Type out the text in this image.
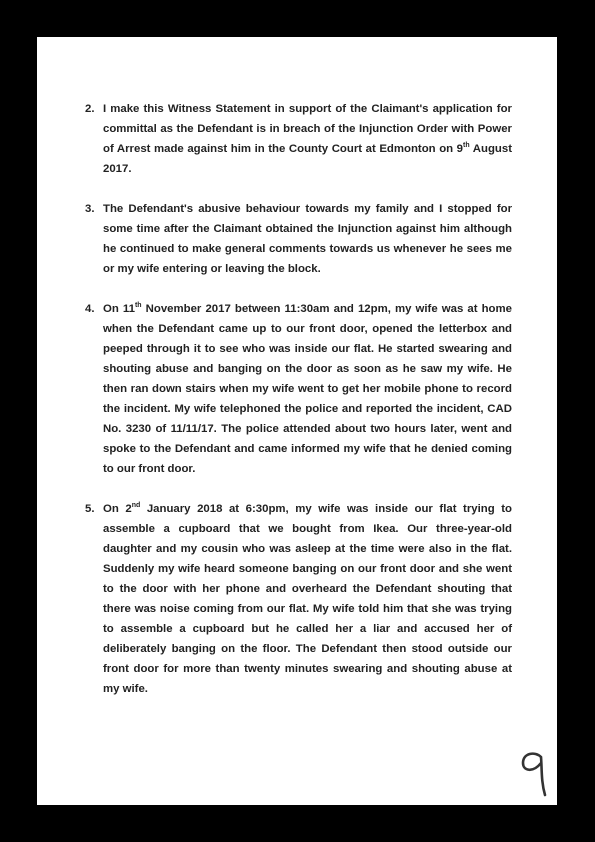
2. I make this Witness Statement in support of the Claimant's application for committal as the Defendant is in breach of the Injunction Order with Power of Arrest made against him in the County Court at Edmonton on 9th August 2017.
3. The Defendant's abusive behaviour towards my family and I stopped for some time after the Claimant obtained the Injunction against him although he continued to make general comments towards us whenever he sees me or my wife entering or leaving the block.
4. On 11th November 2017 between 11:30am and 12pm, my wife was at home when the Defendant came up to our front door, opened the letterbox and peeped through it to see who was inside our flat. He started swearing and shouting abuse and banging on the door as soon as he saw my wife. He then ran down stairs when my wife went to get her mobile phone to record the incident. My wife telephoned the police and reported the incident, CAD No. 3230 of 11/11/17. The police attended about two hours later, went and spoke to the Defendant and came informed my wife that he denied coming to our front door.
5. On 2nd January 2018 at 6:30pm, my wife was inside our flat trying to assemble a cupboard that we bought from Ikea. Our three-year-old daughter and my cousin who was asleep at the time were also in the flat. Suddenly my wife heard someone banging on our front door and she went to the door with her phone and overheard the Defendant shouting that there was noise coming from our flat. My wife told him that she was trying to assemble a cupboard but he called her a liar and accused her of deliberately banging on the floor. The Defendant then stood outside our front door for more than twenty minutes swearing and shouting abuse at my wife.
